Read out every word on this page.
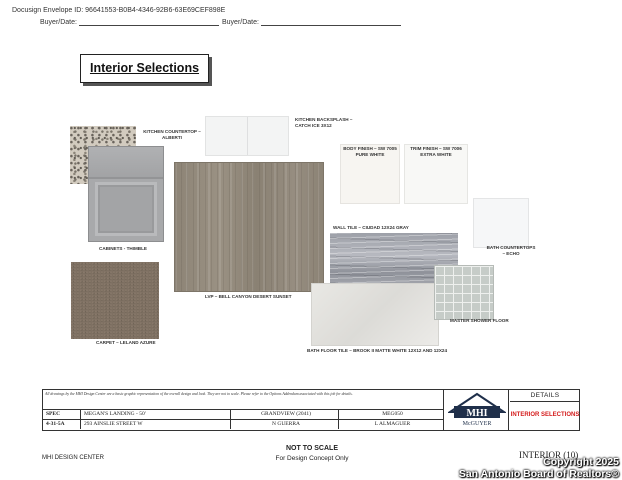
Docusign Envelope ID: 96641553-B0B4-4346-92B6-63E69CEF898E
Buyer/Date:	Buyer/Date:
Interior Selections
KITCHEN COUNTERTOP – ALBERTI
CABINETS - THIMBLE
CARPET – LELAND AZURE
LVP – BELL CANYON DESERT SUNSET
KITCHEN BACKSPLASH – CATCH ICE 3X12
BODY FINISH – SW 7005 PURE WHITE
TRIM FINISH – SW 7006 EXTRA WHITE
BATH COUNTERTOPS – ECHO
WALL TILE – CIUDAD 12X24 GRAY
MASTER SHOWER FLOOR
BATH FLOOR TILE – BROOK II MATTE WHITE 12X12 AND 12X24
All drawings by the MHI Design Center are a basic graphic representation of the overall design and look. They are not to scale. Please refer to the Options Addendum associated with this job for details.
SPEC	MEGAN'S LANDING - 50'	GRANDVIEW (2041)	MEG050
4-31-5A	293 AINSLIE STREET W	N GUERRA	L ALMAGUER
MHI
McGUYER
DETAILS
INTERIOR SELECTIONS
MHI DESIGN CENTER
NOT TO SCALE
For Design Concept Only	INTERIOR (10)
Copyright 2025
San Antonio Board of Realtors®
